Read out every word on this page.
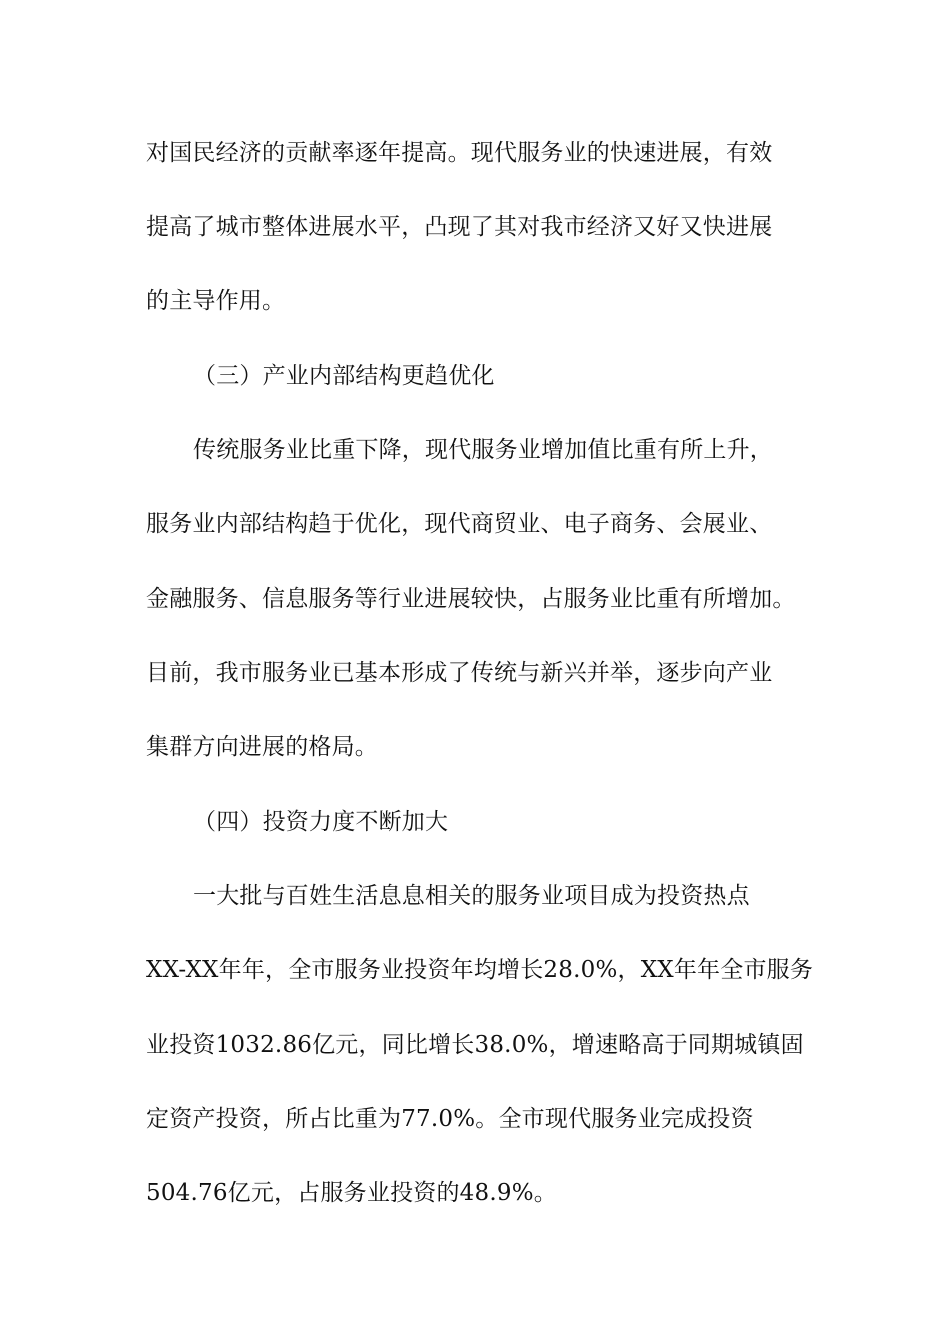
对国民经济的贡献率逐年提高。现代服务业的快速进展，有效

提高了城市整体进展水平，凸现了其对我市经济又好又快进展

的主导作用。

（三）产业内部结构更趋优化

传统服务业比重下降，现代服务业增加值比重有所上升，

服务业内部结构趋于优化，现代商贸业、电子商务、会展业、

金融服务、信息服务等行业进展较快，占服务业比重有所增加。

目前，我市服务业已基本形成了传统与新兴并举，逐步向产业

集群方向进展的格局。

（四）投资力度不断加大

一大批与百姓生活息息相关的服务业项目成为投资热点

XX-XX年年，全市服务业投资年均增长28.0%，XX年年全市服务

业投资1032.86亿元，同比增长38.0%，增速略高于同期城镇固

定资产投资，所占比重为77.0%。全市现代服务业完成投资

504.76亿元，占服务业投资的48.9%。
